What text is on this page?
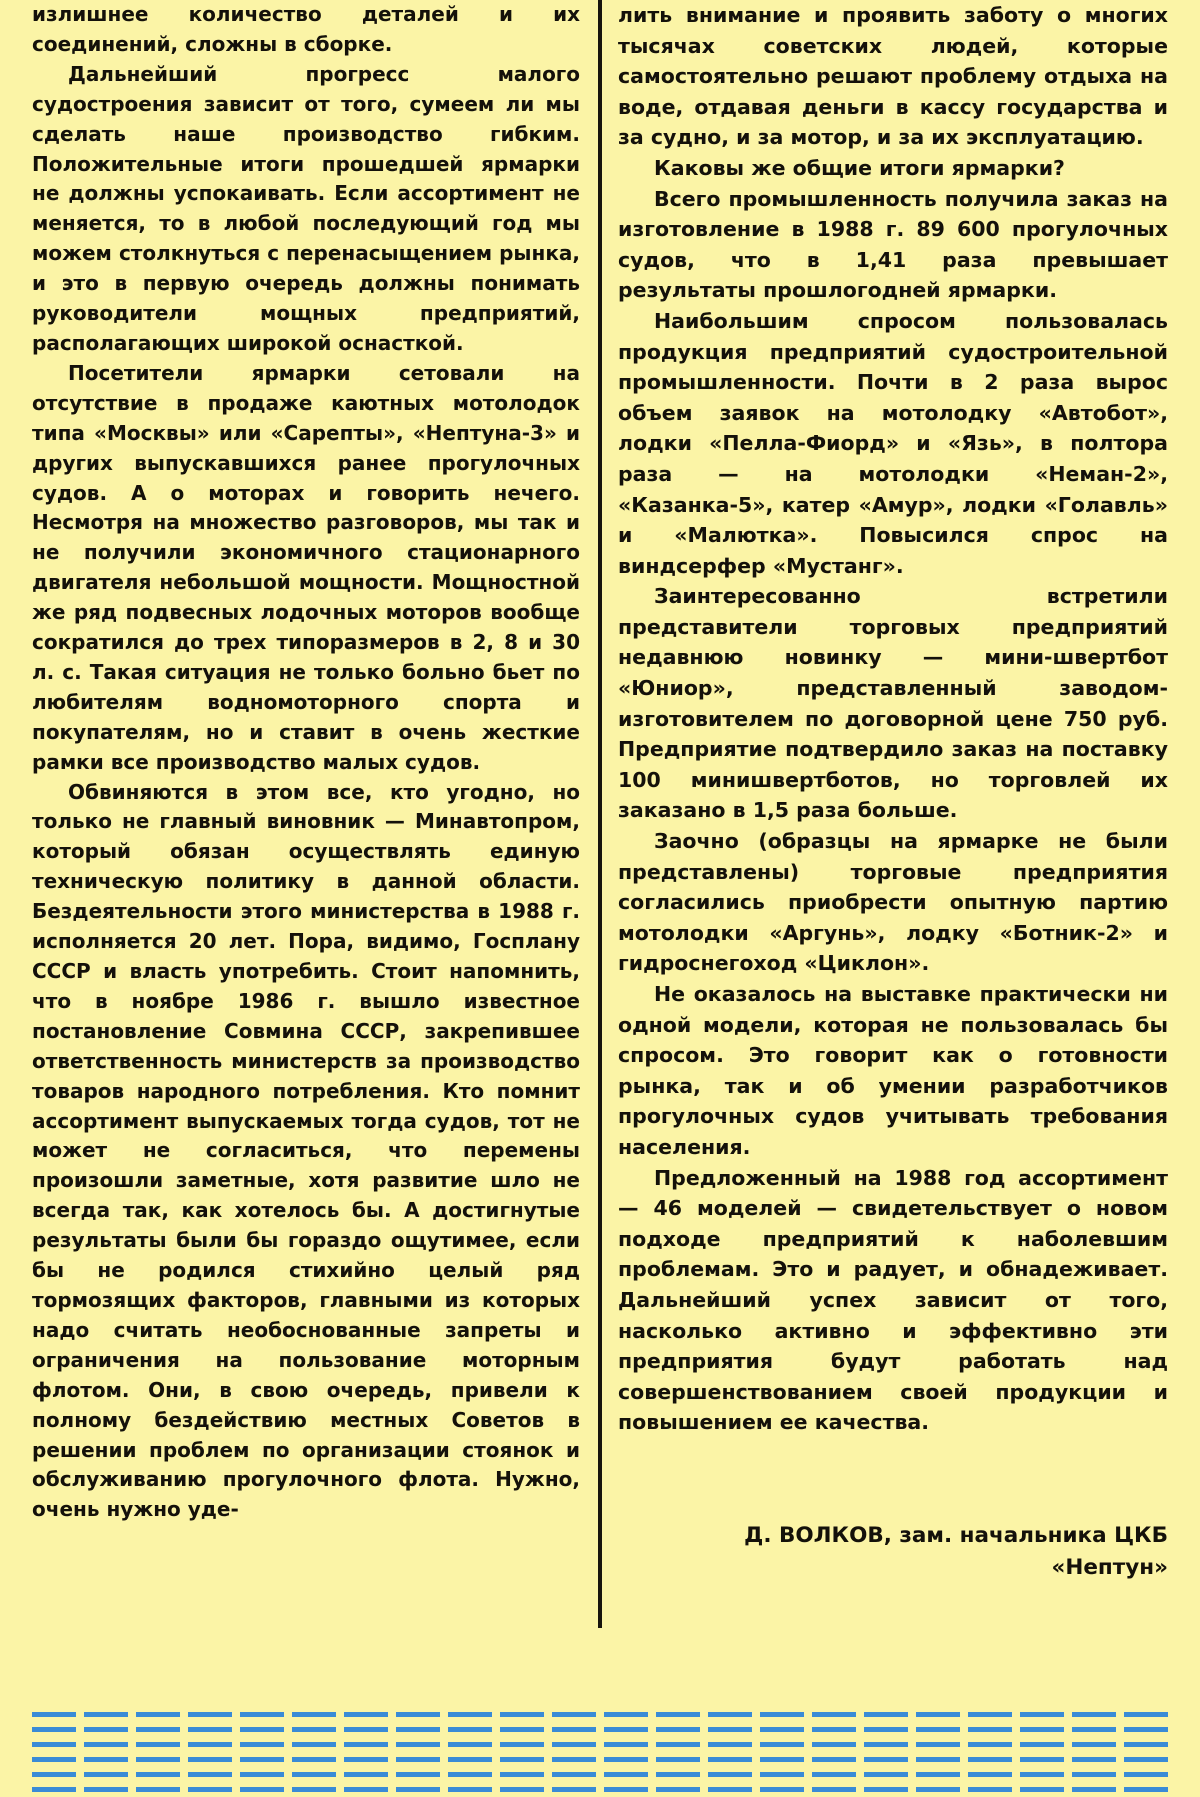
излишнее количество деталей и их соединений, сложны в сборке.

Дальнейший прогресс малого судостроения зависит от того, сумеем ли мы сделать наше производство гибким. Положительные итоги прошедшей ярмарки не должны успокаивать. Если ассортимент не меняется, то в любой последующий год мы можем столкнуться с перенасыщением рынка, и это в первую очередь должны понимать руководители мощных предприятий, располагающих широкой оснасткой.

Посетители ярмарки сетовали на отсутствие в продаже каютных мотолодок типа «Москвы» или «Сарепты», «Нептуна-3» и других выпускавшихся ранее прогулочных судов. А о моторах и говорить нечего. Несмотря на множество разговоров, мы так и не получили экономичного стационарного двигателя небольшой мощности. Мощностной же ряд подвесных лодочных моторов вообще сократился до трех типоразмеров в 2, 8 и 30 л. с. Такая ситуация не только больно бьет по любителям водномоторного спорта и покупателям, но и ставит в очень жесткие рамки все производство малых судов.

Обвиняются в этом все, кто угодно, но только не главный виновник — Минавтопром, который обязан осуществлять единую техническую политику в данной области. Бездеятельности этого министерства в 1988 г. исполняется 20 лет. Пора, видимо, Госплану СССР и власть употребить. Стоит напомнить, что в ноябре 1986 г. вышло известное постановление Совмина СССР, закрепившее ответственность министерств за производство товаров народного потребления. Кто помнит ассортимент выпускаемых тогда судов, тот не может не согласиться, что перемены произошли заметные, хотя развитие шло не всегда так, как хотелось бы. А достигнутые результаты были бы гораздо ощутимее, если бы не родился стихийно целый ряд тормозящих факторов, главными из которых надо считать необоснованные запреты и ограничения на пользование моторным флотом. Они, в свою очередь, привели к полному бездействию местных Советов в решении проблем по организации стоянок и обслуживанию прогулочного флота. Нужно, очень нужно уде-

лить внимание и проявить заботу о многих тысячах советских людей, которые самостоятельно решают проблему отдыха на воде, отдавая деньги в кассу государства и за судно, и за мотор, и за их эксплуатацию.

Каковы же общие итоги ярмарки?

Всего промышленность получила заказ на изготовление в 1988 г. 89 600 прогулочных судов, что в 1,41 раза превышает результаты прошлогодней ярмарки.

Наибольшим спросом пользовалась продукция предприятий судостроительной промышленности. Почти в 2 раза вырос объем заявок на мотолодку «Автобот», лодки «Пелла-Фиорд» и «Язь», в полтора раза — на мотолодки «Неман-2», «Казанка-5», катер «Амур», лодки «Голавль» и «Малютка». Повысился спрос на виндсерфер «Мустанг».

Заинтересованно встретили представители торговых предприятий недавнюю новинку — мини-швертбот «Юниор», представленный заводом-изготовителем по договорной цене 750 руб. Предприятие подтвердило заказ на поставку 100 минишвертботов, но торговлей их заказано в 1,5 раза больше.

Заочно (образцы на ярмарке не были представлены) торговые предприятия согласились приобрести опытную партию мотолодки «Аргунь», лодку «Ботник-2» и гидроснегоход «Циклон».

Не оказалось на выставке практически ни одной модели, которая не пользовалась бы спросом. Это говорит как о готовности рынка, так и об умении разработчиков прогулочных судов учитывать требования населения.

Предложенный на 1988 год ассортимент — 46 моделей — свидетельствует о новом подходе предприятий к наболевшим проблемам. Это и радует, и обнадеживает. Дальнейший успех зависит от того, насколько активно и эффективно эти предприятия будут работать над совершенствованием своей продукции и повышением ее качества.

Д. ВОЛКОВ, зам. начальника ЦКБ
«Нептун»
